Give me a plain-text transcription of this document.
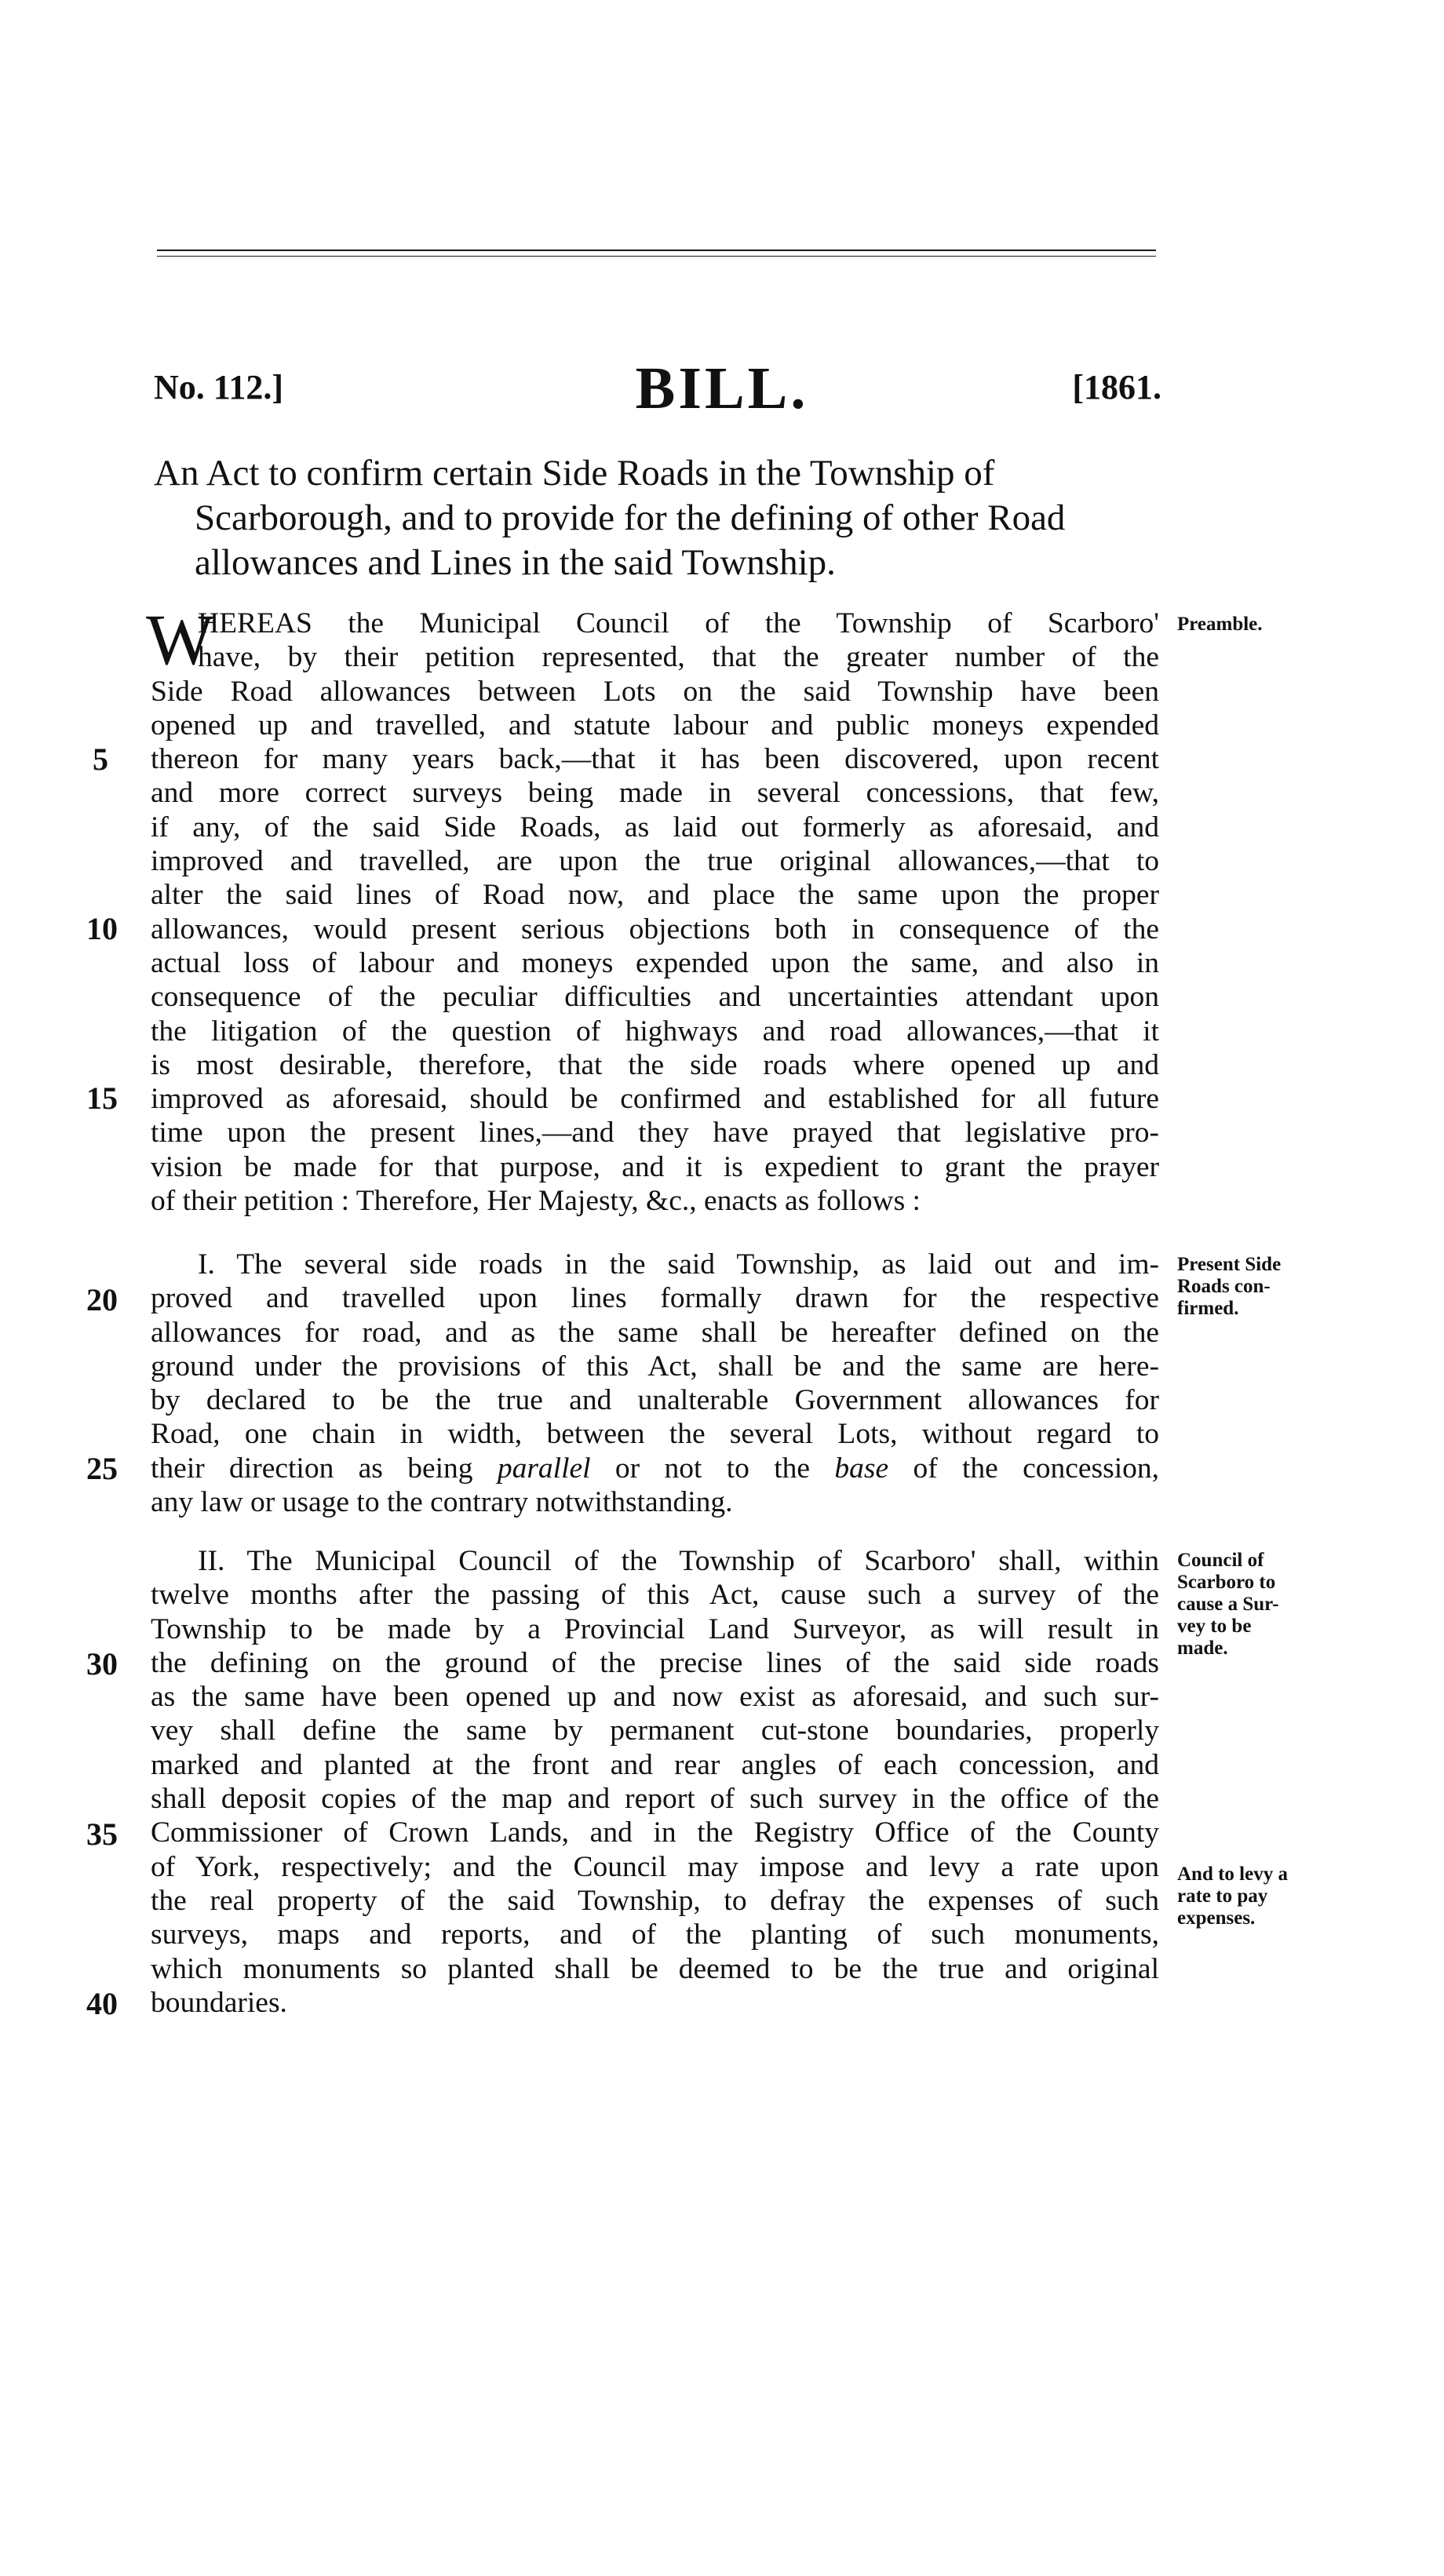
No. 112.]	BILL.	[1861.
An Act to confirm certain Side Roads in the Township of
Scarborough, and to provide for the defining of other Road
allowances and Lines in the said Township.
W
HEREAS the Municipal Council of the Township of Scarboro'
have, by their petition represented, that the greater number of the
Side Road allowances between Lots on the said Township have been
opened up and travelled, and statute labour and public moneys expended
thereon for many years back,—that it has been discovered, upon recent
and more correct surveys being made in several concessions, that few,
if any, of the said Side Roads, as laid out formerly as aforesaid, and
improved and travelled, are upon the true original allowances,—that to
alter the said lines of Road now, and place the same upon the proper
allowances, would present serious objections both in consequence of the
actual loss of labour and moneys expended upon the same, and also in
consequence of the peculiar difficulties and uncertainties attendant upon
the litigation of the question of highways and road allowances,—that it
is most desirable, therefore, that the side roads where opened up and
improved as aforesaid, should be confirmed and established for all future
time upon the present lines,—and they have prayed that legislative pro-
vision be made for that purpose, and it is expedient to grant the prayer
of their petition : Therefore, Her Majesty, &c., enacts as follows :
I. The several side roads in the said Township, as laid out and im-
proved and travelled upon lines formally drawn for the respective
allowances for road, and as the same shall be hereafter defined on the
ground under the provisions of this Act, shall be and the same are here-
by declared to be the true and unalterable Government allowances for
Road, one chain in width, between the several Lots, without regard to
their direction as being parallel or not to the base of the concession,
any law or usage to the contrary notwithstanding.
II. The Municipal Council of the Township of Scarboro' shall, within
twelve months after the passing of this Act, cause such a survey of the
Township to be made by a Provincial Land Surveyor, as will result in
the defining on the ground of the precise lines of the said side roads
as the same have been opened up and now exist as aforesaid, and such sur-
vey shall define the same by permanent cut-stone boundaries, properly
marked and planted at the front and rear angles of each concession, and
shall deposit copies of the map and report of such survey in the office of the
Commissioner of Crown Lands, and in the Registry Office of the County
of York, respectively; and the Council may impose and levy a rate upon
the real property of the said Township, to defray the expenses of such
surveys, maps and reports, and of the planting of such monuments,
which monuments so planted shall be deemed to be the true and original
boundaries.
5
10
15
20
25
30
35
40
Preamble.
Present Side
Roads con-
firmed.
Council of
Scarboro to
cause a Sur-
vey to be
made.
And to levy a
rate to pay
expenses.
